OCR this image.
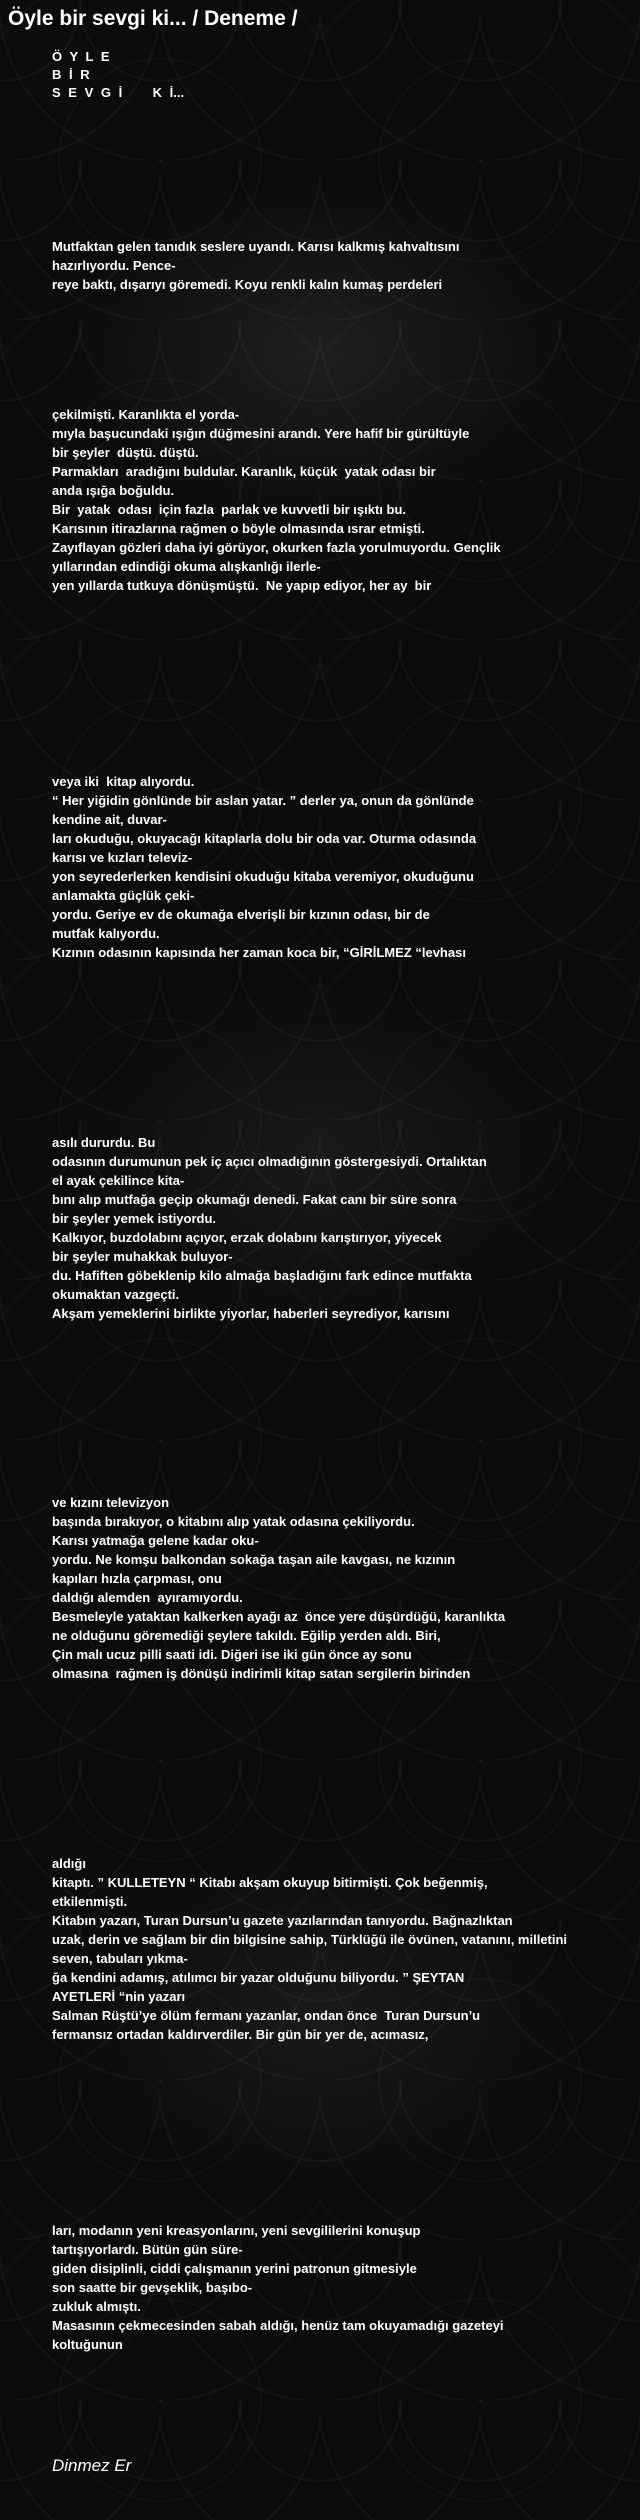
Öyle bir sevgi ki... / Deneme /
Ö Y L E
B İ R
S E V G İ    K İ...
Mutfaktan gelen tanıdık seslere uyandı. Karısı kalkmış kahvaltısını
hazırlıyordu. Pence-
reye baktı, dışarıyı göremedi. Koyu renkli kalın kumaş perdeleri
çekilmişti. Karanlıkta el yorda-
mıyla başucundaki ışığın düğmesini arandı. Yere hafif bir gürültüyle
bir şeyler  düştü. düştü.
Parmakları  aradığını buldular. Karanlık, küçük  yatak odası bir
anda ışığa boğuldu.
Bir  yatak  odası  için fazla  parlak ve kuvvetli bir ışıktı bu.
Karısının itirazlarına rağmen o böyle olmasında ısrar etmişti.
Zayıflayan gözleri daha iyi görüyor, okurken fazla yorulmuyordu. Gençlik
yıllarından edindiği okuma alışkanlığı ilerle-
yen yıllarda tutkuya dönüşmüştü.  Ne yapıp ediyor, her ay  bir
veya iki  kitap alıyordu.
“ Her yiğidin gönlünde bir aslan yatar. ” derler ya, onun da gönlünde
kendine ait, duvar-
ları okuduğu, okuyacağı kitaplarla dolu bir oda var. Oturma odasında
karısı ve kızları televiz-
yon seyrederlerken kendisini okuduğu kitaba veremiyor, okuduğunu
anlamakta güçlük çeki-
yordu. Geriye ev de okumağa elverişli bir kızının odası, bir de
mutfak kalıyordu.
Kızının odasının kapısında her zaman koca bir, “GİRİLMEZ “levhası
asılı dururdu. Bu
odasının durumunun pek iç açıcı olmadığının göstergesiydi. Ortalıktan
el ayak çekilince kita-
bını alıp mutfağa geçip okumağı denedi. Fakat canı bir süre sonra
bir şeyler yemek istiyordu.
Kalkıyor, buzdolabını açıyor, erzak dolabını karıştırıyor, yiyecek
bir şeyler muhakkak buluyor-
du. Hafiften göbeklenip kilo almağa başladığını fark edince mutfakta
okumaktan vazgeçti.
Akşam yemeklerini birlikte yiyorlar, haberleri seyrediyor, karısını
ve kızını televizyon
başında bırakıyor, o kitabını alıp yatak odasına çekiliyordu.
Karısı yatmağa gelene kadar oku-
yordu. Ne komşu balkondan sokağa taşan aile kavgası, ne kızının
kapıları hızla çarpması, onu
daldığı alemden  ayıramıyordu.
Besmeleyle yataktan kalkerken ayağı az  önce yere düşürdüğü, karanlıkta
ne olduğunu göremediği şeylere takıldı. Eğilip yerden aldı. Biri,
Çin malı ucuz pilli saati idi. Diğeri ise iki gün önce ay sonu
olmasına  rağmen iş dönüşü indirimli kitap satan sergilerin birinden
aldığı
kitaptı. ” KULLETEYN “ Kitabı akşam okuyup bitirmişti. Çok beğenmiş,
etkilenmişti.
Kitabın yazarı, Turan Dursun’u gazete yazılarından tanıyordu. Bağnazlıktan
uzak, derin ve sağlam bir din bilgisine sahip, Türklüğü ile övünen, vatanını, milletini
seven, tabuları yıkma-
ğa kendini adamış, atılımcı bir yazar olduğunu biliyordu. ” ŞEYTAN
AYETLERİ “nin yazarı
Salman Rüştü’ye ölüm fermanı yazanlar, ondan önce  Turan Dursun’u
fermansız ortadan kaldırverdiler. Bir gün bir yer de, acımasız,
ları, modanın yeni kreasyonlarını, yeni sevgililerini konuşup
tartışıyorlardı. Bütün gün süre-
giden disiplinli, ciddi çalışmanın yerini patronun gitmesiyle
son saatte bir gevşeklik, başıbo-
zukluk almıştı.
Masasının çekmecesinden sabah aldığı, henüz tam okuyamadığı gazeteyi
koltuğunun
Dinmez Er
